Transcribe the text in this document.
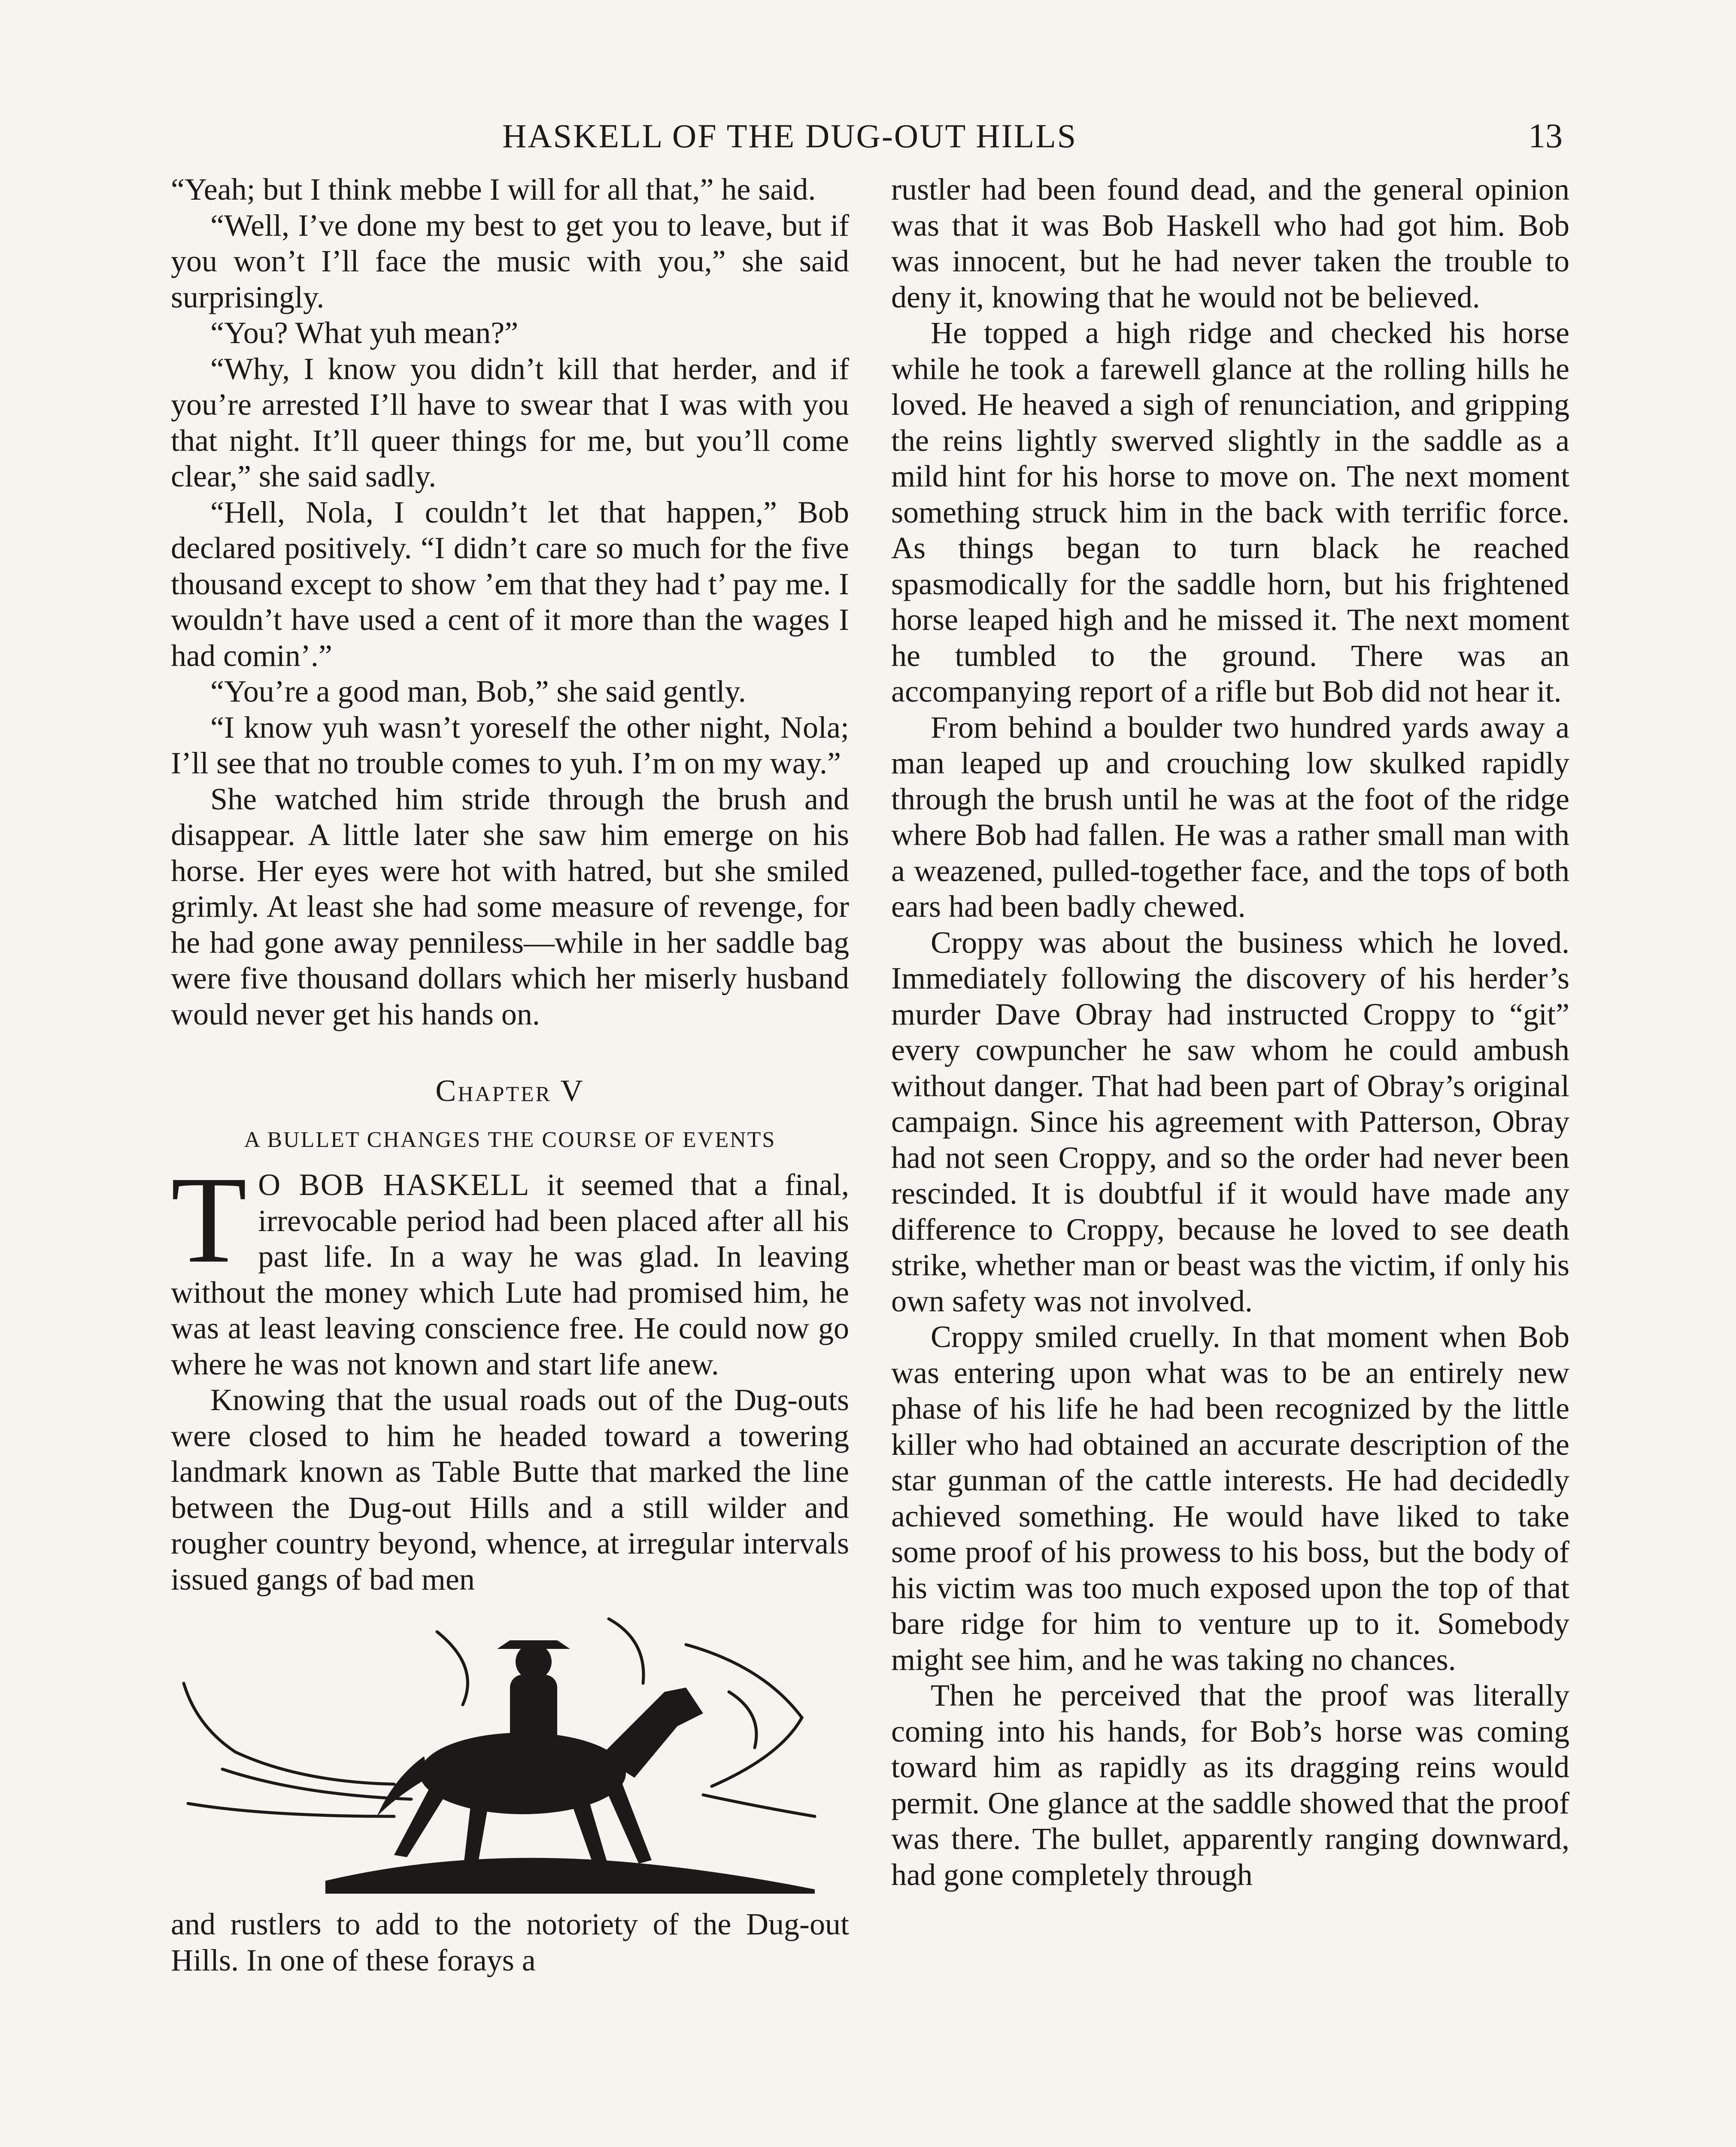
HASKELL OF THE DUG-OUT HILLS	13

“Yeah; but I think mebbe I will for all that,” he said.

“Well, I’ve done my best to get you to leave, but if you won’t I’ll face the music with you,” she said surprisingly.

“You? What yuh mean?”

“Why, I know you didn’t kill that herder, and if you’re arrested I’ll have to swear that I was with you that night. It’ll queer things for me, but you’ll come clear,” she said sadly.

“Hell, Nola, I couldn’t let that happen,” Bob declared positively. “I didn’t care so much for the five thousand except to show ’em that they had t’ pay me. I wouldn’t have used a cent of it more than the wages I had comin’.”

“You’re a good man, Bob,” she said gently.

“I know yuh wasn’t yoreself the other night, Nola; I’ll see that no trouble comes to yuh. I’m on my way.”

She watched him stride through the brush and disappear. A little later she saw him emerge on his horse. Her eyes were hot with hatred, but she smiled grimly. At least she had some measure of revenge, for he had gone away penniless—while in her saddle bag were five thousand dollars which her miserly husband would never get his hands on.

Chapter V
A BULLET CHANGES THE COURSE OF EVENTS

T O BOB HASKELL it seemed that a final, irrevocable period had been placed after all his past life. In a way he was glad. In leaving without the money which Lute had promised him, he was at least leaving conscience free. He could now go where he was not known and start life anew.

Knowing that the usual roads out of the Dug-outs were closed to him he headed toward a towering landmark known as Table Butte that marked the line between the Dug-out Hills and a still wilder and rougher country beyond, whence, at irregular intervals issued gangs of bad men

and rustlers to add to the notoriety of the Dug-out Hills. In one of these forays a

rustler had been found dead, and the general opinion was that it was Bob Haskell who had got him. Bob was innocent, but he had never taken the trouble to deny it, knowing that he would not be believed.

He topped a high ridge and checked his horse while he took a farewell glance at the rolling hills he loved. He heaved a sigh of renunciation, and gripping the reins lightly swerved slightly in the saddle as a mild hint for his horse to move on. The next moment something struck him in the back with terrific force. As things began to turn black he reached spasmodically for the saddle horn, but his frightened horse leaped high and he missed it. The next moment he tumbled to the ground. There was an accompanying report of a rifle but Bob did not hear it.

From behind a boulder two hundred yards away a man leaped up and crouching low skulked rapidly through the brush until he was at the foot of the ridge where Bob had fallen. He was a rather small man with a weazened, pulled-together face, and the tops of both ears had been badly chewed.

Croppy was about the business which he loved. Immediately following the discovery of his herder’s murder Dave Obray had instructed Croppy to “git” every cowpuncher he saw whom he could ambush without danger. That had been part of Obray’s original campaign. Since his agreement with Patterson, Obray had not seen Croppy, and so the order had never been rescinded. It is doubtful if it would have made any difference to Croppy, because he loved to see death strike, whether man or beast was the victim, if only his own safety was not involved.

Croppy smiled cruelly. In that moment when Bob was entering upon what was to be an entirely new phase of his life he had been recognized by the little killer who had obtained an accurate description of the star gunman of the cattle interests. He had decidedly achieved something. He would have liked to take some proof of his prowess to his boss, but the body of his victim was too much exposed upon the top of that bare ridge for him to venture up to it. Somebody might see him, and he was taking no chances.

Then he perceived that the proof was literally coming into his hands, for Bob’s horse was coming toward him as rapidly as its dragging reins would permit. One glance at the saddle showed that the proof was there. The bullet, apparently ranging downward, had gone completely through
